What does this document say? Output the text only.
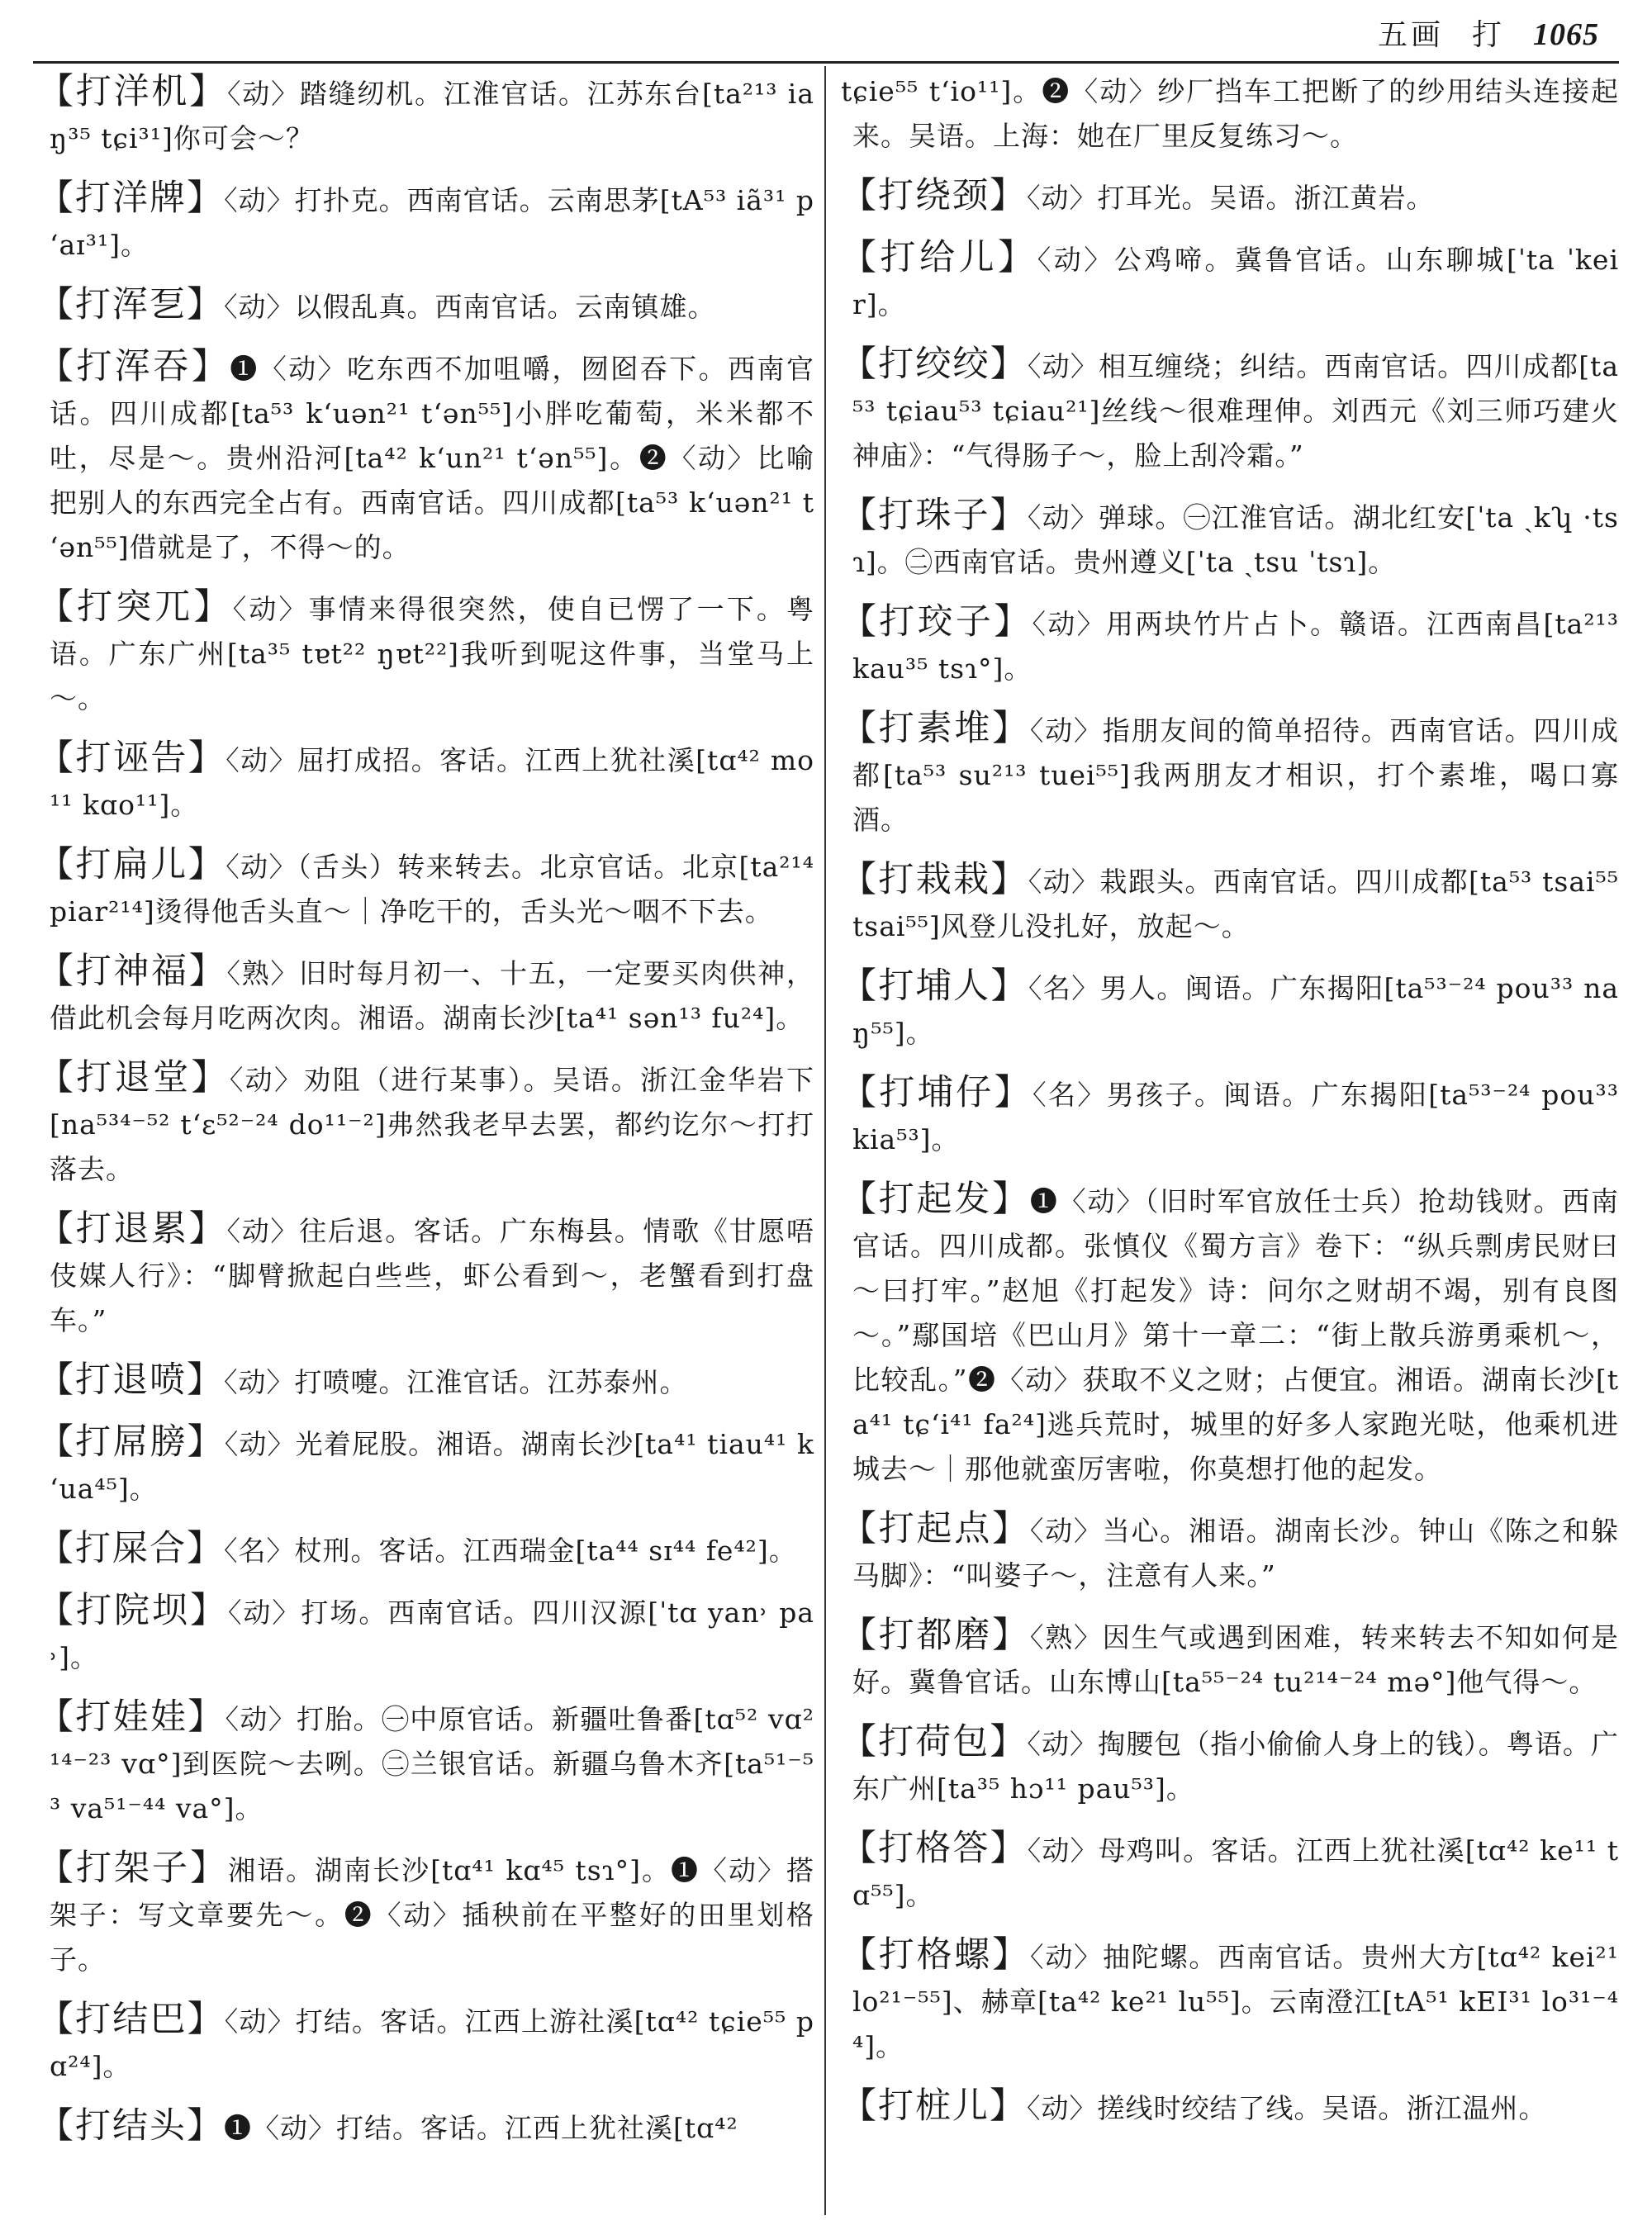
五画 打 1065

【打洋机】〈动〉踏缝纫机。江淮官话。江苏东台[ta²¹³ iaŋ³⁵ tɕi³¹]你可会～？

【打洋牌】〈动〉打扑克。西南官话。云南思茅[tA⁵³ iã³¹ pʻaɪ³¹]。

【打浑乭】〈动〉以假乱真。西南官话。云南镇雄。

【打浑吞】❶〈动〉吃东西不加咀嚼，囫囵吞下。西南官话。四川成都[ta⁵³ kʻuən²¹ tʻən⁵⁵]小胖吃葡萄，米米都不吐，尽是～。贵州沿河[ta⁴² kʻun²¹ tʻən⁵⁵]。❷〈动〉比喻把别人的东西完全占有。西南官话。四川成都[ta⁵³ kʻuən²¹ tʻən⁵⁵]借就是了，不得～的。

【打突兀】〈动〉事情来得很突然，使自已愣了一下。粤语。广东广州[ta³⁵ tɐt²² ŋɐt²²]我听到呢这件事，当堂马上～。

【打诬告】〈动〉屈打成招。客话。江西上犹社溪[tɑ⁴² mo¹¹ kɑo¹¹]。

【打扁儿】〈动〉（舌头）转来转去。北京官话。北京[ta²¹⁴ piar²¹⁴]烫得他舌头直～｜净吃干的，舌头光～咽不下去。

【打神福】〈熟〉旧时每月初一、十五，一定要买肉供神，借此机会每月吃两次肉。湘语。湖南长沙[ta⁴¹ sən¹³ fu²⁴]。

【打退堂】〈动〉劝阻（进行某事）。吴语。浙江金华岩下[na⁵³⁴⁻⁵² tʻɛ⁵²⁻²⁴ do¹¹⁻²]弗然我老早去罢，都约讫尔～打打落去。

【打退累】〈动〉往后退。客话。广东梅县。情歌《甘愿唔伎媒人行》：“脚臂掀起白些些，虾公看到～，老蟹看到打盘车。”

【打退喷】〈动〉打喷嚏。江淮官话。江苏泰州。

【打屌膀】〈动〉光着屁股。湘语。湖南长沙[ta⁴¹ tiau⁴¹ kʻua⁴⁵]。

【打屎合】〈名〉杖刑。客话。江西瑞金[ta⁴⁴ sɪ⁴⁴ fe⁴²]。

【打院坝】〈动〉打场。西南官话。四川汉源[ˈtɑ yan˒ pa˒]。

【打娃娃】〈动〉打胎。㊀中原官话。新疆吐鲁番[tɑ⁵² vɑ²¹⁴⁻²³ vɑ°]到医院～去咧。㊁兰银官话。新疆乌鲁木齐[ta⁵¹⁻⁵³ va⁵¹⁻⁴⁴ va°]。

【打架子】湘语。湖南长沙[tɑ⁴¹ kɑ⁴⁵ tsɿ°]。❶〈动〉搭架子：写文章要先～。❷〈动〉插秧前在平整好的田里划格子。

【打结巴】〈动〉打结。客话。江西上游社溪[tɑ⁴² tɕie⁵⁵ pɑ²⁴]。

【打结头】❶〈动〉打结。客话。江西上犹社溪[tɑ⁴²

tɕie⁵⁵ tʻio¹¹]。❷〈动〉纱厂挡车工把断了的纱用结头连接起来。吴语。上海：她在厂里反复练习～。

【打绕颈】〈动〉打耳光。吴语。浙江黄岩。

【打给儿】〈动〉公鸡啼。冀鲁官话。山东聊城[ˈta ˈkeir]。

【打绞绞】〈动〉相互缠绕；纠结。西南官话。四川成都[ta⁵³ tɕiau⁵³ tɕiau²¹]丝线～很难理伸。刘西元《刘三师巧建火神庙》：“气得肠子～，脸上刮冷霜。”

【打珠子】〈动〉弹球。㊀江淮官话。湖北红安[ˈta ˏkʮ ·tsɿ]。㊁西南官话。贵州遵义[ˈta ˏtsu ˈtsɿ]。

【打珓子】〈动〉用两块竹片占卜。赣语。江西南昌[ta²¹³ kau³⁵ tsɿ°]。

【打素堆】〈动〉指朋友间的简单招待。西南官话。四川成都[ta⁵³ su²¹³ tuei⁵⁵]我两朋友才相识，打个素堆，喝口寡酒。

【打栽栽】〈动〉栽跟头。西南官话。四川成都[ta⁵³ tsai⁵⁵ tsai⁵⁵]风登儿没扎好，放起～。

【打埔人】〈名〉男人。闽语。广东揭阳[ta⁵³⁻²⁴ pou³³ naŋ⁵⁵]。

【打埔仔】〈名〉男孩子。闽语。广东揭阳[ta⁵³⁻²⁴ pou³³ kia⁵³]。

【打起发】❶〈动〉（旧时军官放任士兵）抢劫钱财。西南官话。四川成都。张慎仪《蜀方言》卷下：“纵兵剽虏民财曰～曰打牢。”赵旭《打起发》诗：问尔之财胡不竭，别有良图～。”鄢国培《巴山月》第十一章二：“街上散兵游勇乘机～，比较乱。”❷〈动〉获取不义之财；占便宜。湘语。湖南长沙[ta⁴¹ tɕʻi⁴¹ fa²⁴]逃兵荒时，城里的好多人家跑光哒，他乘机进城去～｜那他就蛮厉害啦，你莫想打他的起发。

【打起点】〈动〉当心。湘语。湖南长沙。钟山《陈之和躲马脚》：“叫婆子～，注意有人来。”

【打都磨】〈熟〉因生气或遇到困难，转来转去不知如何是好。冀鲁官话。山东博山[ta⁵⁵⁻²⁴ tu²¹⁴⁻²⁴ mə°]他气得～。

【打荷包】〈动〉掏腰包（指小偷偷人身上的钱）。粤语。广东广州[ta³⁵ hɔ¹¹ pau⁵³]。

【打格答】〈动〉母鸡叫。客话。江西上犹社溪[tɑ⁴² ke¹¹ tɑ⁵⁵]。

【打格螺】〈动〉抽陀螺。西南官话。贵州大方[tɑ⁴² kei²¹ lo²¹⁻⁵⁵]、赫章[ta⁴² ke²¹ lu⁵⁵]。云南澄江[tA⁵¹ kEI³¹ lo³¹⁻⁴⁴]。

【打桩儿】〈动〉搓线时绞结了线。吴语。浙江温州。
